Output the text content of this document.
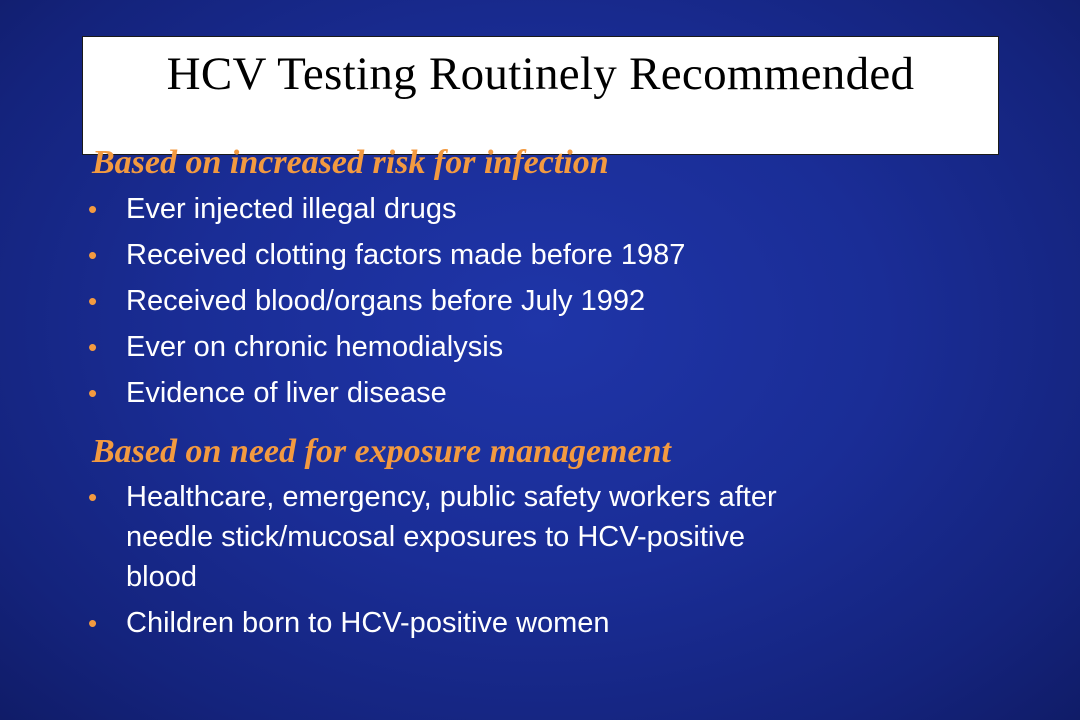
HCV Testing Routinely Recommended
Based on increased risk for infection
• Ever injected illegal drugs
• Received clotting factors made before 1987
• Received blood/organs before July 1992
• Ever on chronic hemodialysis
• Evidence of liver disease
Based on need for exposure management
• Healthcare, emergency, public safety workers after
needle stick/mucosal exposures to HCV-positive
blood
• Children born to HCV-positive women
